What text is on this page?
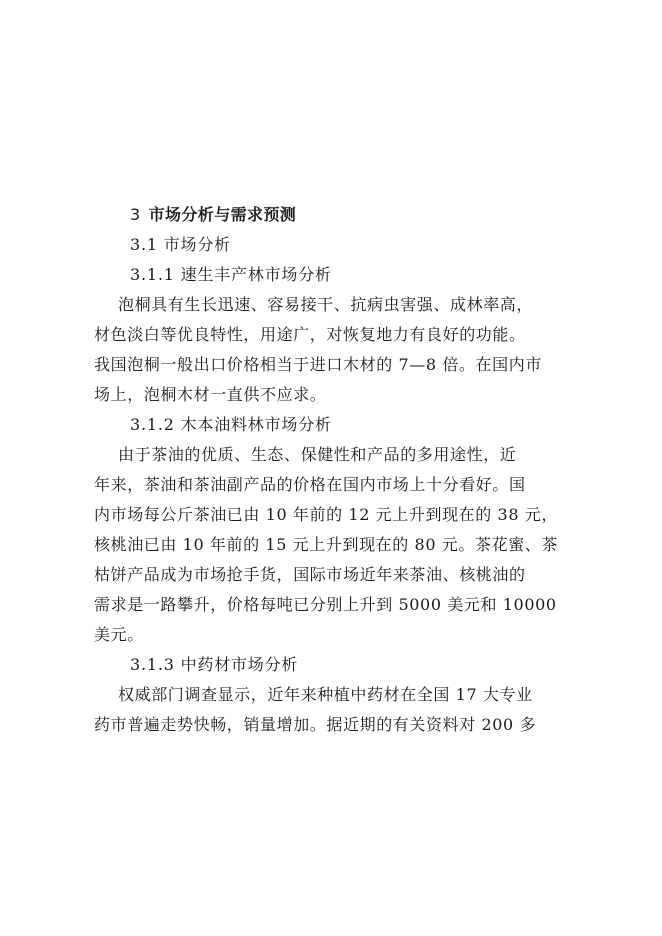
3 市场分析与需求预测
3.1 市场分析
3.1.1 速生丰产林市场分析
泡桐具有生长迅速、容易接干、抗病虫害强、成林率高，
材色淡白等优良特性，用途广，对恢复地力有良好的功能。
我国泡桐一般出口价格相当于进口木材的 7—8 倍。在国内市
场上，泡桐木材一直供不应求。
3.1.2 木本油料林市场分析
由于茶油的优质、生态、保健性和产品的多用途性，近
年来，茶油和茶油副产品的价格在国内市场上十分看好。国
内市场每公斤茶油已由 10 年前的 12 元上升到现在的 38 元，
核桃油已由 10 年前的 15 元上升到现在的 80 元。茶花蜜、茶
枯饼产品成为市场抢手货，国际市场近年来茶油、核桃油的
需求是一路攀升，价格每吨已分别上升到 5000 美元和 10000
美元。
3.1.3 中药材市场分析
权威部门调查显示，近年来种植中药材在全国 17 大专业
药市普遍走势快畅，销量增加。据近期的有关资料对 200 多
